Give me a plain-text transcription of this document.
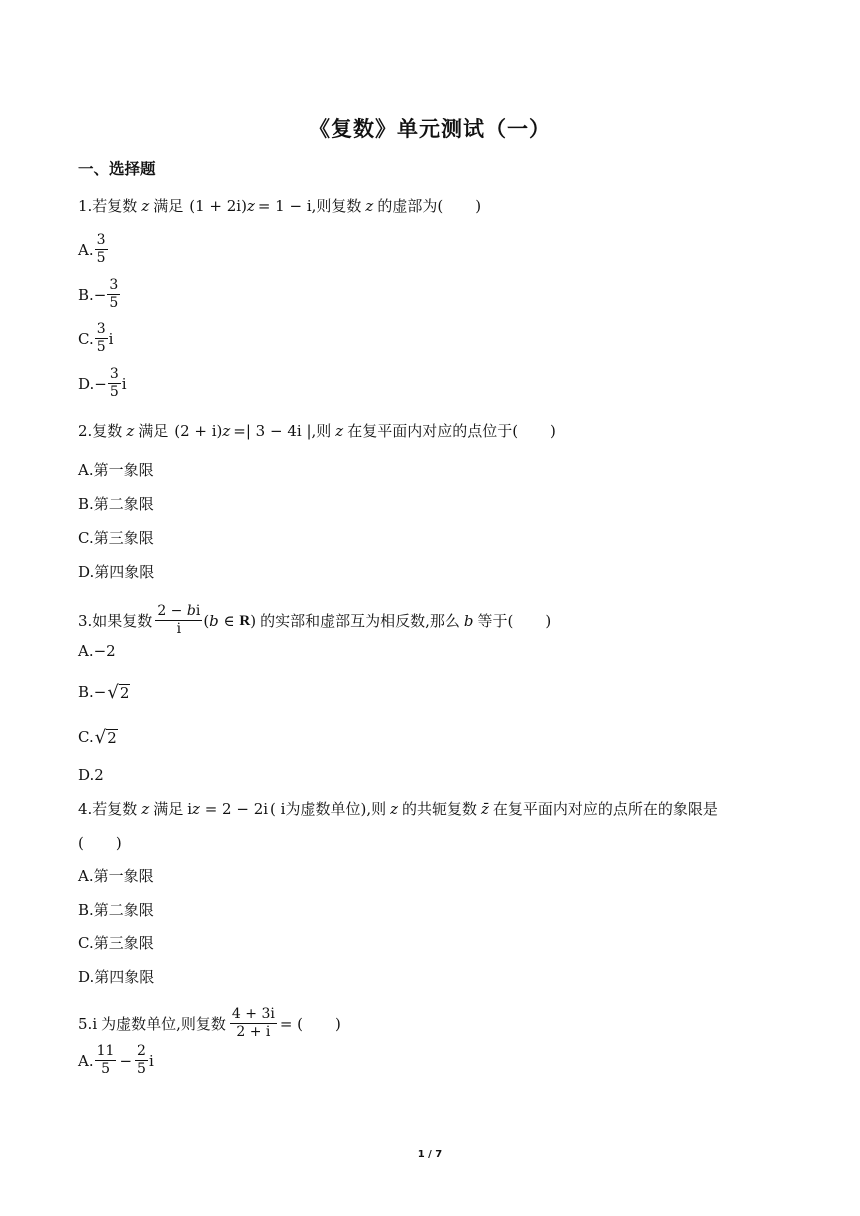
《复数》单元测试（一）
一、选择题
1.若复数 z 满足 (1 + 2i) z = 1 − i ,则复数 z 的虚部为( )
A. $\frac{3}{5}$
B. − $\frac{3}{5}$
C. $\frac{3}{5}$ i
D. − $\frac{3}{5}$ i
2.复数 z 满足 (2 + i) z =| 3 − 4i | ,则 z 在复平面内对应的点位于( )
A.第一象限
B.第二象限
C.第三象限
D.第四象限
3.如果复数 $\frac{2 - bi}{i}$ ( b ∈ R ) 的实部和虚部互为相反数,那么 b 等于( )
A.−2
B. − √ 2
C. √ 2
D.2
4.若复数 z 满足 i z = 2 − 2i ( i 为虚数单位),则 z 的共轭复数 z̄ 在复平面内对应的点所在的象限是
( )
A.第一象限
B.第二象限
C.第三象限
D.第四象限
5. i 为虚数单位,则复数 $\frac{4 + 3i}{2 + i}$ = ( )
A. $\frac{11}{5} - \frac{2}{5}$ i
1 / 7
